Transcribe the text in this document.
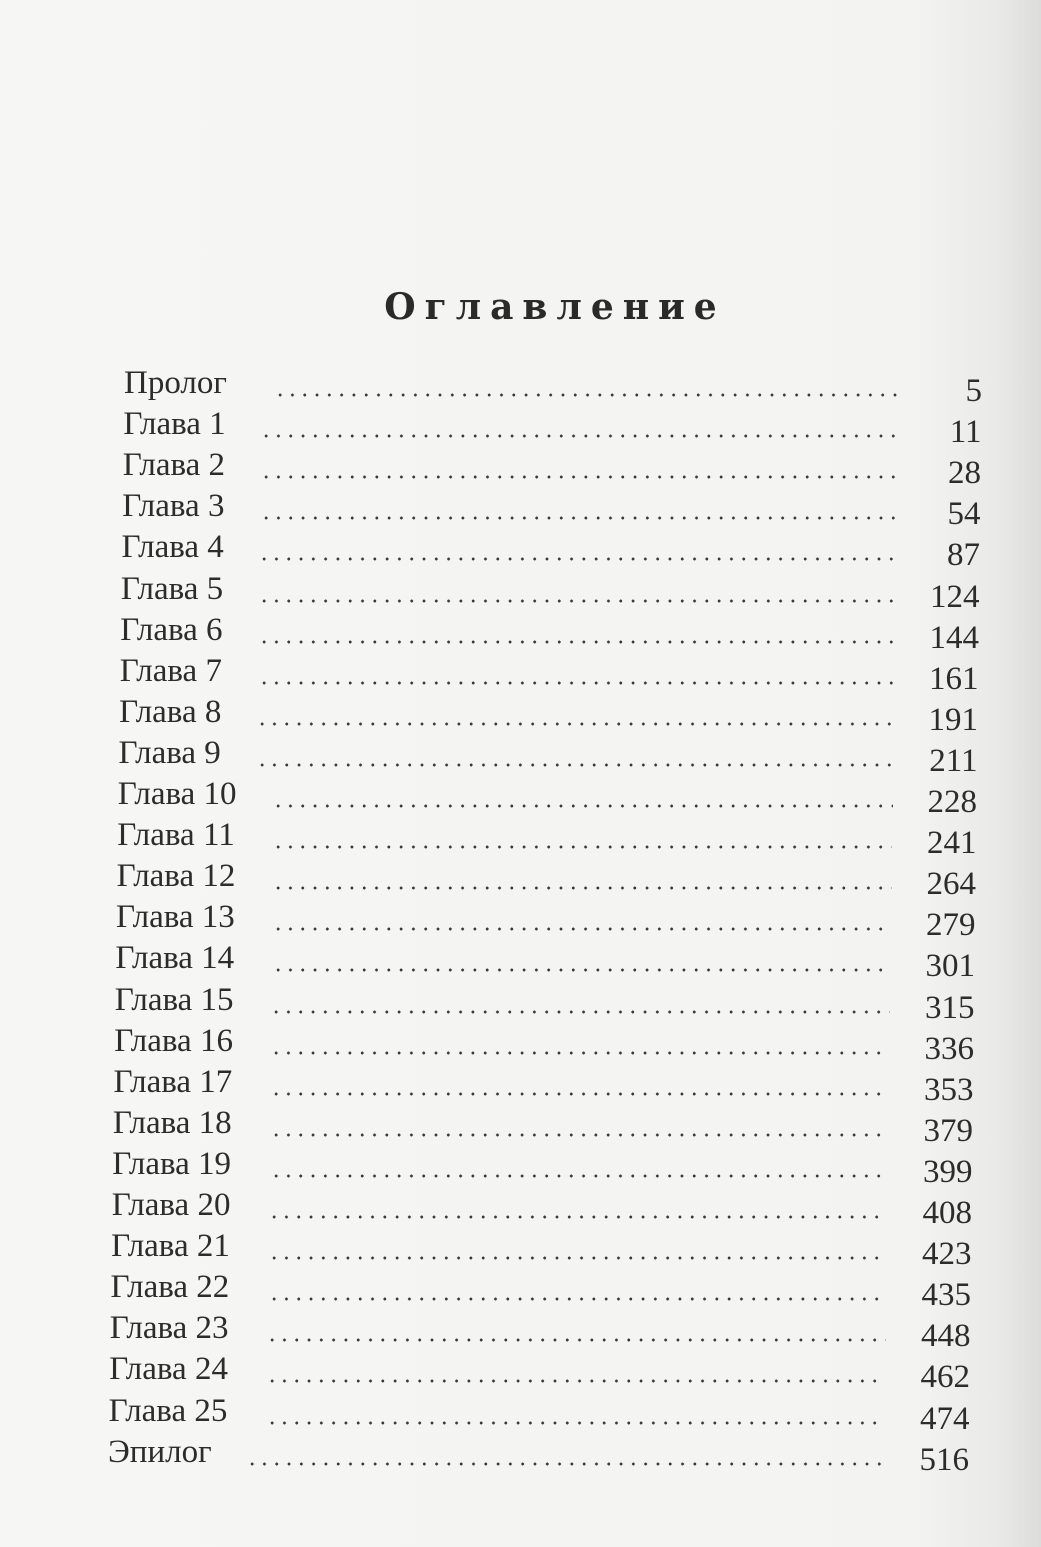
Оглавление
Пролог	5
Глава 1	11
Глава 2	28
Глава 3	54
Глава 4	87
Глава 5	124
Глава 6	144
Глава 7	161
Глава 8	191
Глава 9	211
Глава 10	228
Глава 11	241
Глава 12	264
Глава 13	279
Глава 14	301
Глава 15	315
Глава 16	336
Глава 17	353
Глава 18	379
Глава 19	399
Глава 20	408
Глава 21	423
Глава 22	435
Глава 23	448
Глава 24	462
Глава 25	474
Эпилог	516
